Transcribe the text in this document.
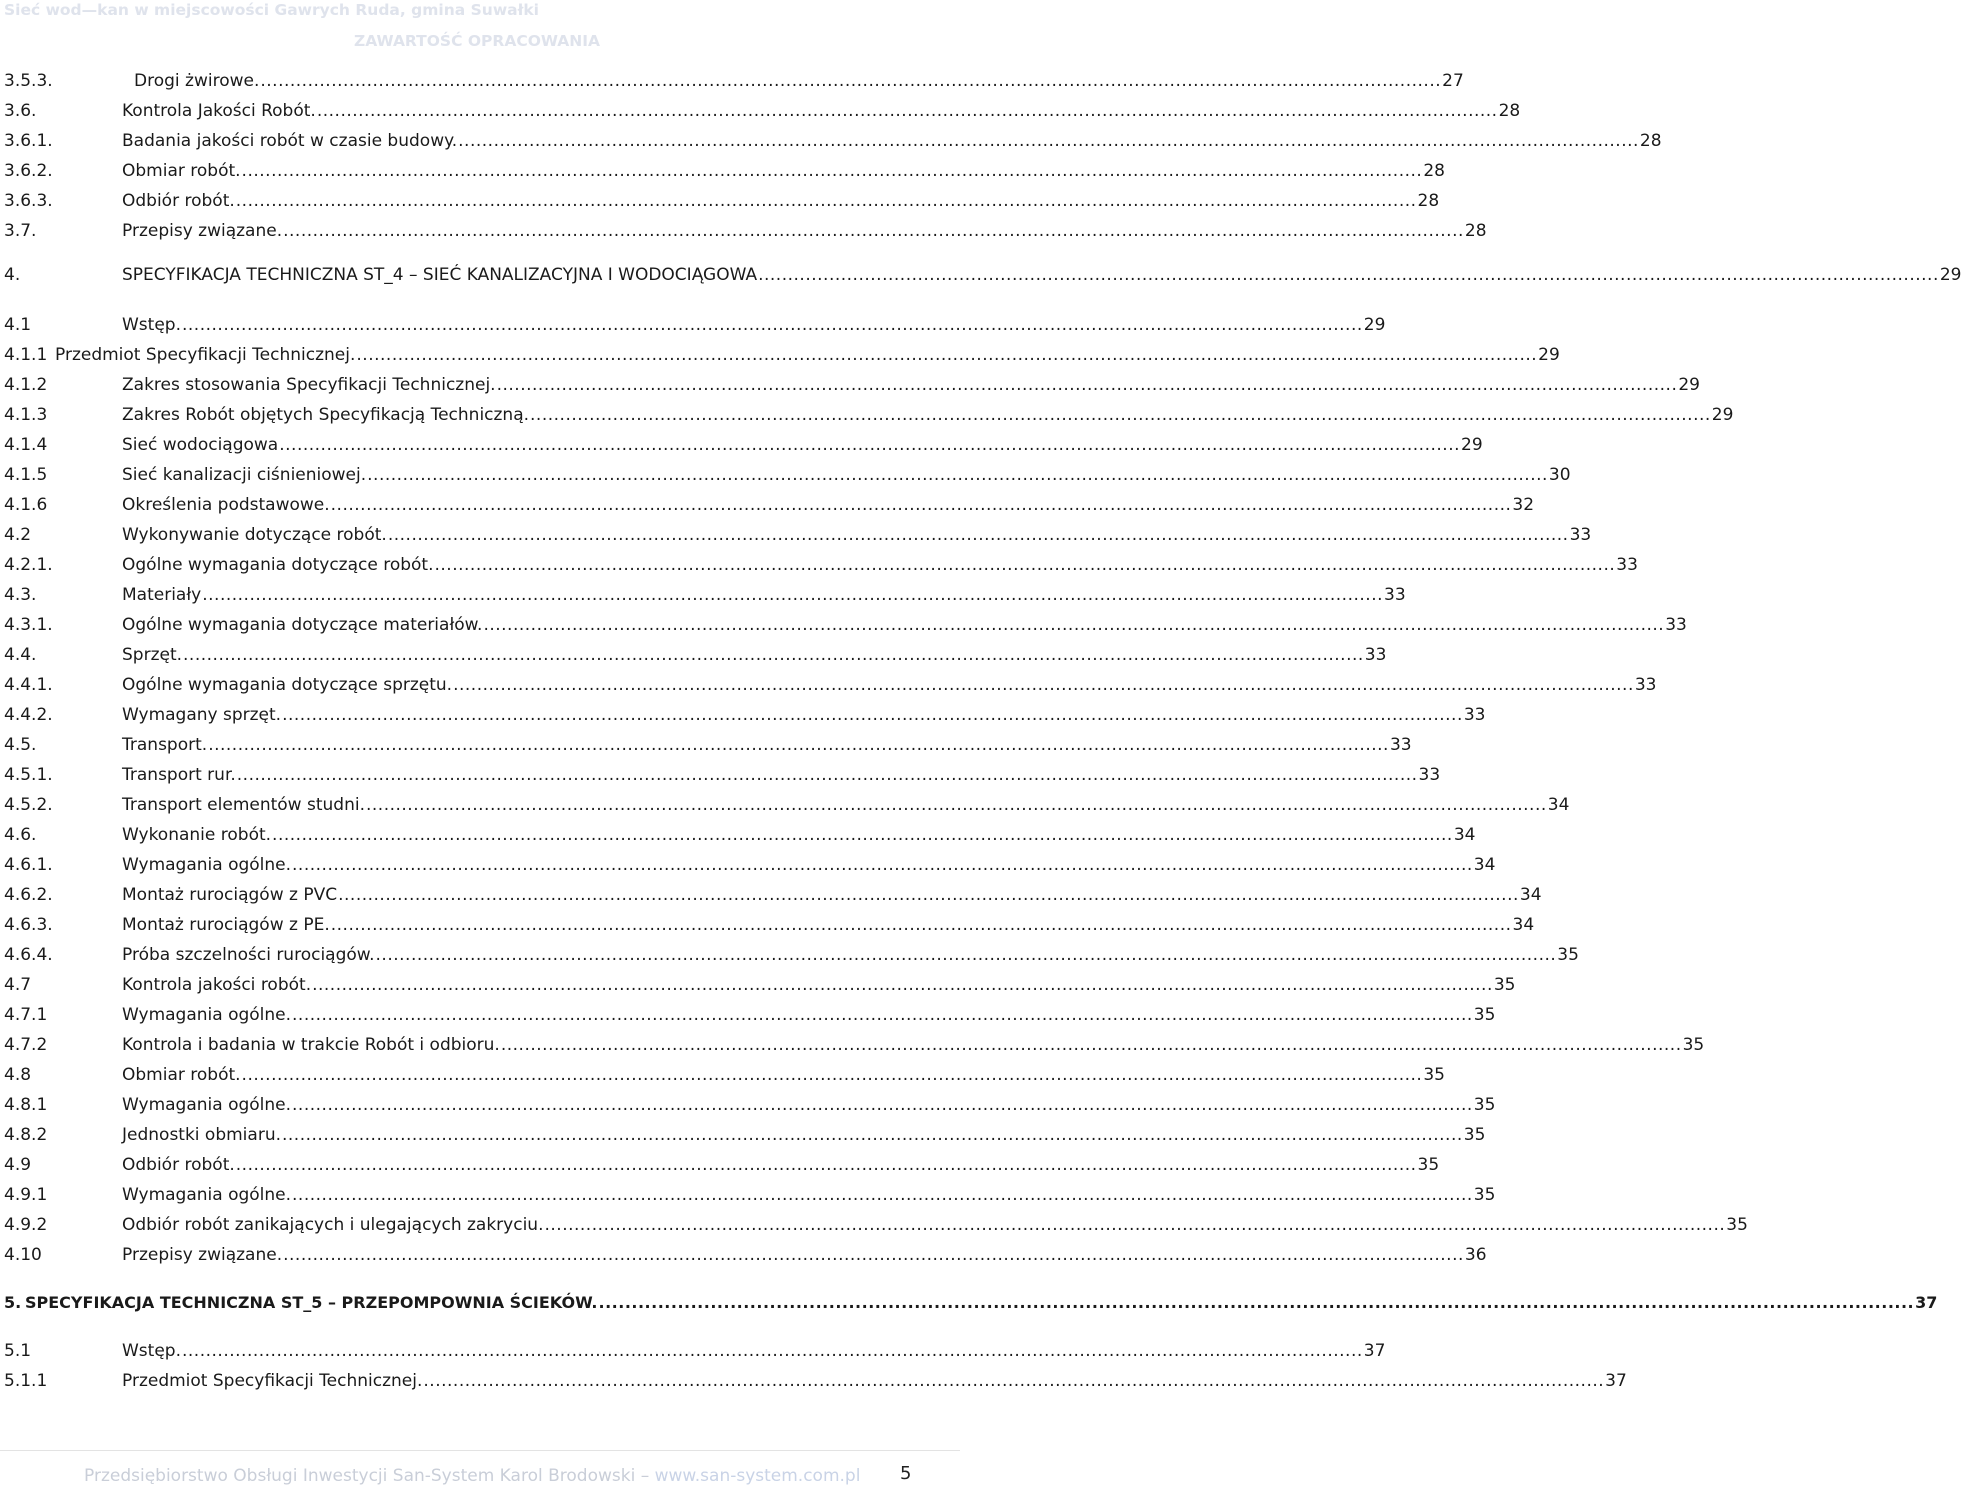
Sieć wod—kan w miejscowości Gawrych Ruda, gmina Suwałki
ZAWARTOŚĆ OPRACOWANIA
3.5.3.	Drogi żwirowe. ........................................................................................................................................................................................................ 27
3.6.	Kontrola Jakości Robót. ........................................................................................................................................................................................................ 28
3.6.1.	Badania jakości robót w czasie budowy. ........................................................................................................................................................................................................ 28
3.6.2.	Obmiar robót. ........................................................................................................................................................................................................ 28
3.6.3.	Odbiór robót. ........................................................................................................................................................................................................ 28
3.7.	Przepisy związane. ........................................................................................................................................................................................................ 28
4.	SPECYFIKACJA TECHNICZNA ST_4 – SIEĆ KANALIZACYJNA I WODOCIĄGOWA ........................................................................................................................................................................................................ 29
4.1	Wstęp. ........................................................................................................................................................................................................ 29
4.1.1 Przedmiot Specyfikacji Technicznej. ........................................................................................................................................................................................................ 29
4.1.2	Zakres stosowania Specyfikacji Technicznej. ........................................................................................................................................................................................................ 29
4.1.3	Zakres Robót objętych Specyfikacją Techniczną. ........................................................................................................................................................................................................ 29
4.1.4	Sieć wodociągowa ........................................................................................................................................................................................................ 29
4.1.5	Sieć kanalizacji ciśnieniowej. ........................................................................................................................................................................................................ 30
4.1.6	Określenia podstawowe. ........................................................................................................................................................................................................ 32
4.2	Wykonywanie dotyczące robót. ........................................................................................................................................................................................................ 33
4.2.1.	Ogólne wymagania dotyczące robót. ........................................................................................................................................................................................................ 33
4.3.	Materiały ........................................................................................................................................................................................................ 33
4.3.1.	Ogólne wymagania dotyczące materiałów. ........................................................................................................................................................................................................ 33
4.4.	Sprzęt. ........................................................................................................................................................................................................ 33
4.4.1.	Ogólne wymagania dotyczące sprzętu. ........................................................................................................................................................................................................ 33
4.4.2.	Wymagany sprzęt. ........................................................................................................................................................................................................ 33
4.5.	Transport. ........................................................................................................................................................................................................ 33
4.5.1.	Transport rur. ........................................................................................................................................................................................................ 33
4.5.2.	Transport elementów studni. ........................................................................................................................................................................................................ 34
4.6.	Wykonanie robót. ........................................................................................................................................................................................................ 34
4.6.1.	Wymagania ogólne. ........................................................................................................................................................................................................ 34
4.6.2.	Montaż rurociągów z PVC ........................................................................................................................................................................................................ 34
4.6.3.	Montaż rurociągów z PE. ........................................................................................................................................................................................................ 34
4.6.4.	Próba szczelności rurociągów. ........................................................................................................................................................................................................ 35
4.7	Kontrola jakości robót. ........................................................................................................................................................................................................ 35
4.7.1	Wymagania ogólne. ........................................................................................................................................................................................................ 35
4.7.2	Kontrola i badania w trakcie Robót i odbioru. ........................................................................................................................................................................................................ 35
4.8	Obmiar robót. ........................................................................................................................................................................................................ 35
4.8.1	Wymagania ogólne. ........................................................................................................................................................................................................ 35
4.8.2	Jednostki obmiaru. ........................................................................................................................................................................................................ 35
4.9	Odbiór robót. ........................................................................................................................................................................................................ 35
4.9.1	Wymagania ogólne. ........................................................................................................................................................................................................ 35
4.9.2	Odbiór robót zanikających i ulegających zakryciu. ........................................................................................................................................................................................................ 35
4.10	Przepisy związane. ........................................................................................................................................................................................................ 36
5. SPECYFIKACJA TECHNICZNA ST_5 – PRZEPOMPOWNIA ŚCIEKÓW. ........................................................................................................................................................................................................ 37
5.1	Wstęp. ........................................................................................................................................................................................................ 37
5.1.1	Przedmiot Specyfikacji Technicznej. ........................................................................................................................................................................................................ 37
Przedsiębiorstwo Obsługi Inwestycji San-System Karol Brodowski – www.san-system.com.pl 5
